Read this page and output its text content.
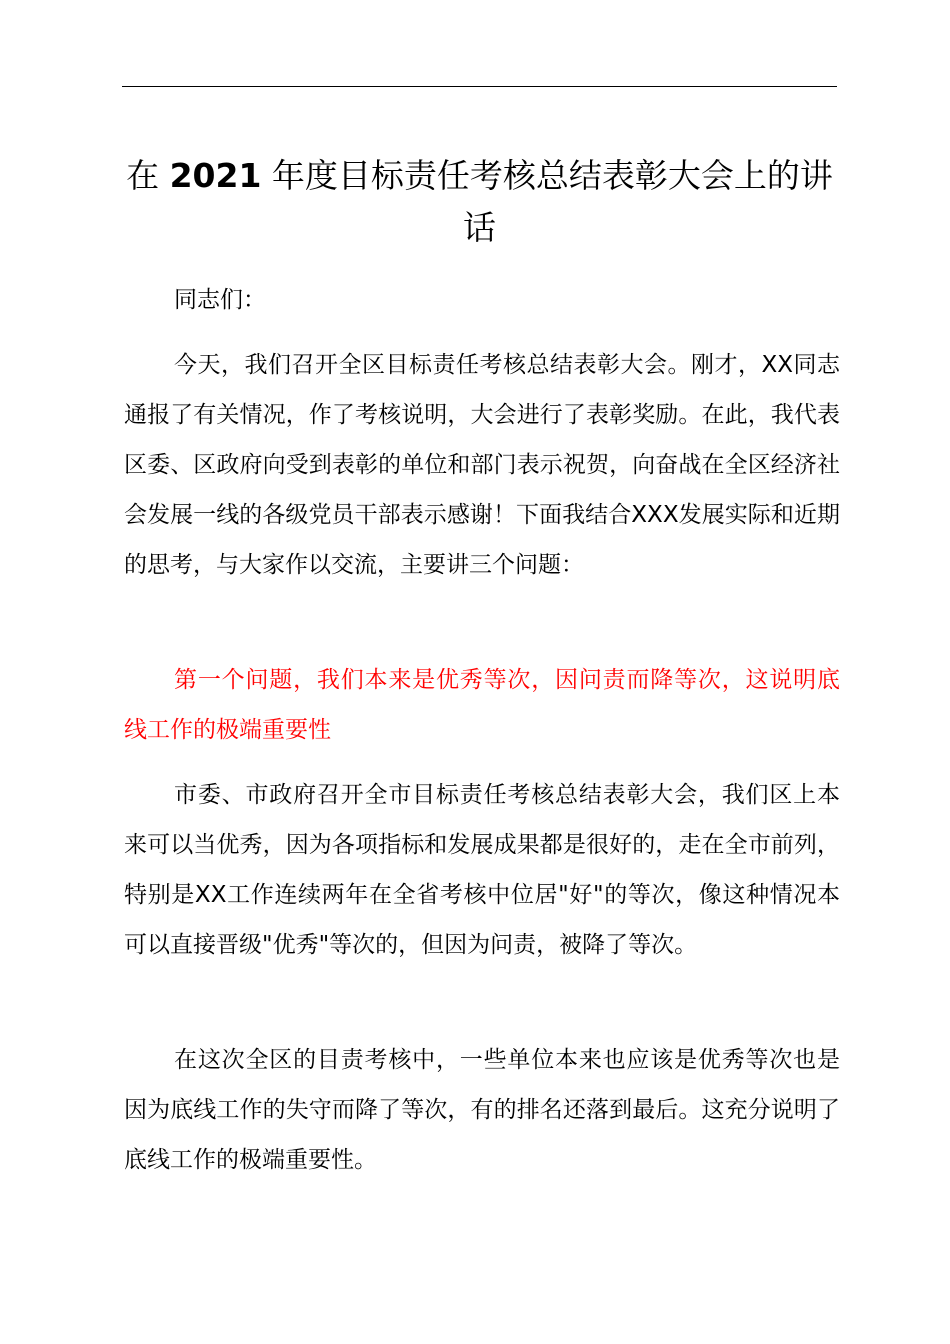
在 2021 年度目标责任考核总结表彰大会上的讲话

同志们：

今天，我们召开全区目标责任考核总结表彰大会。刚才，XX同志通报了有关情况，作了考核说明，大会进行了表彰奖励。在此，我代表区委、区政府向受到表彰的单位和部门表示祝贺，向奋战在全区经济社会发展一线的各级党员干部表示感谢！下面我结合XXX发展实际和近期的思考，与大家作以交流，主要讲三个问题：

第一个问题，我们本来是优秀等次，因问责而降等次，这说明底线工作的极端重要性

市委、市政府召开全市目标责任考核总结表彰大会，我们区上本来可以当优秀，因为各项指标和发展成果都是很好的，走在全市前列，特别是XX工作连续两年在全省考核中位居"好"的等次，像这种情况本可以直接晋级"优秀"等次的，但因为问责，被降了等次。

在这次全区的目责考核中，一些单位本来也应该是优秀等次也是因为底线工作的失守而降了等次，有的排名还落到最后。这充分说明了底线工作的极端重要性。
